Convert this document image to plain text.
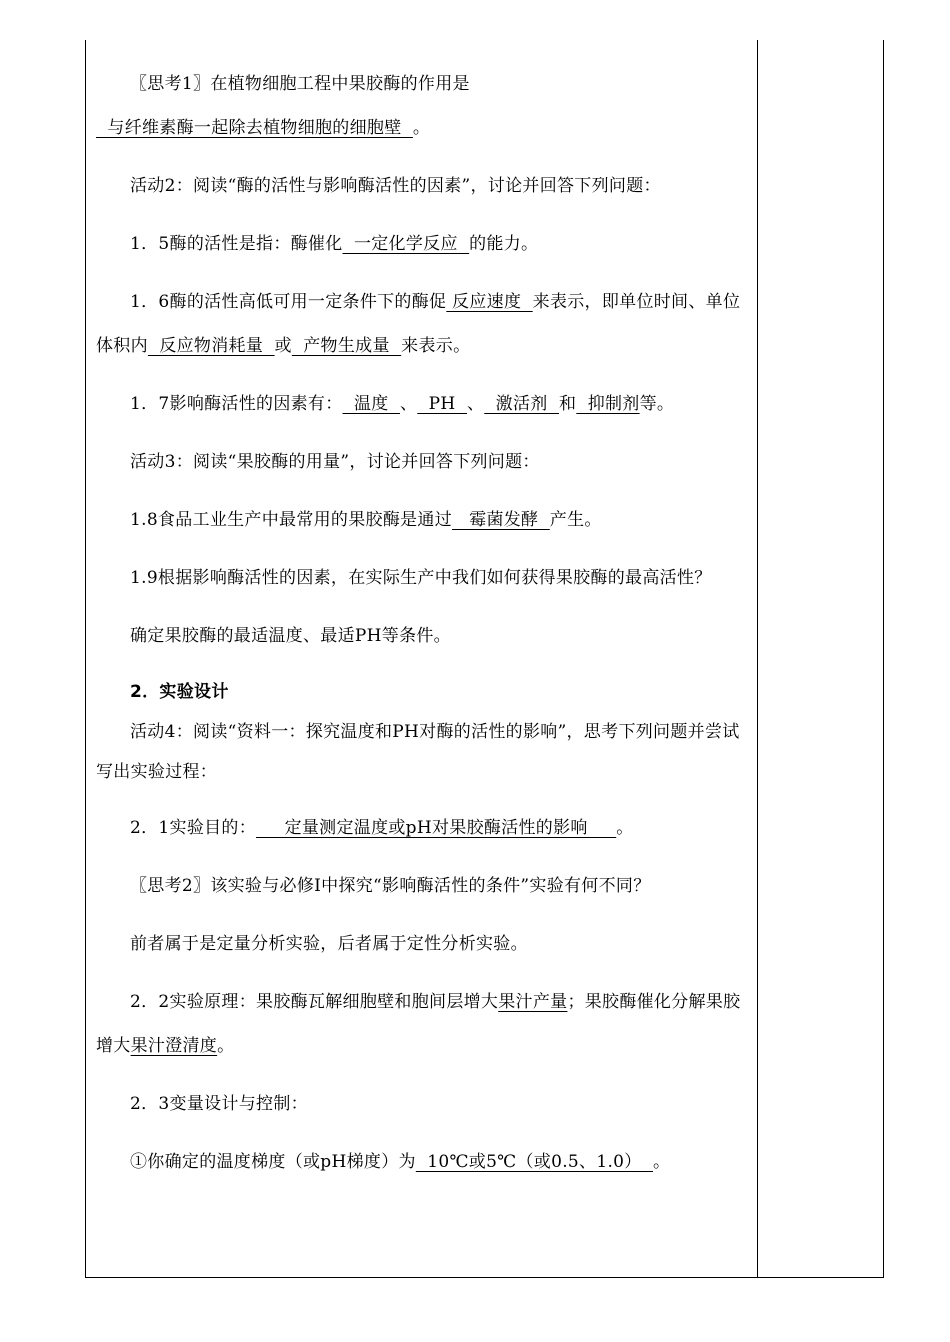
〖思考1〗在植物细胞工程中果胶酶的作用是  与纤维素酶一起除去植物细胞的细胞壁  。

活动2：阅读“酶的活性与影响酶活性的因素”，讨论并回答下列问题：

1．5酶的活性是指：酶催化  一定化学反应  的能力。

1．6酶的活性高低可用一定条件下的酶促 反应速度  来表示，即单位时间、单位体积内  反应物消耗量  或  产物生成量  来表示。

1．7影响酶活性的因素有：  温度  、  PH  、  激活剂  和  抑制剂等。

活动3：阅读“果胶酶的用量”，讨论并回答下列问题：

1.8食品工业生产中最常用的果胶酶是通过   霉菌发酵  产生。

1.9根据影响酶活性的因素，在实际生产中我们如何获得果胶酶的最高活性？

确定果胶酶的最适温度、最适PH等条件。

2．实验设计

活动4：阅读“资料一：探究温度和PH对酶的活性的影响”，思考下列问题并尝试写出实验过程：

2．1实验目的：     定量测定温度或pH对果胶酶活性的影响     。

〖思考2〗该实验与必修Ⅰ中探究“影响酶活性的条件”实验有何不同？

前者属于是定量分析实验，后者属于定性分析实验。

2．2实验原理：果胶酶瓦解细胞壁和胞间层增大果汁产量；果胶酶催化分解果胶增大果汁澄清度。

2．3变量设计与控制：

①你确定的温度梯度（或pH梯度）为  10℃或5℃（或0.5、1.0）  。
